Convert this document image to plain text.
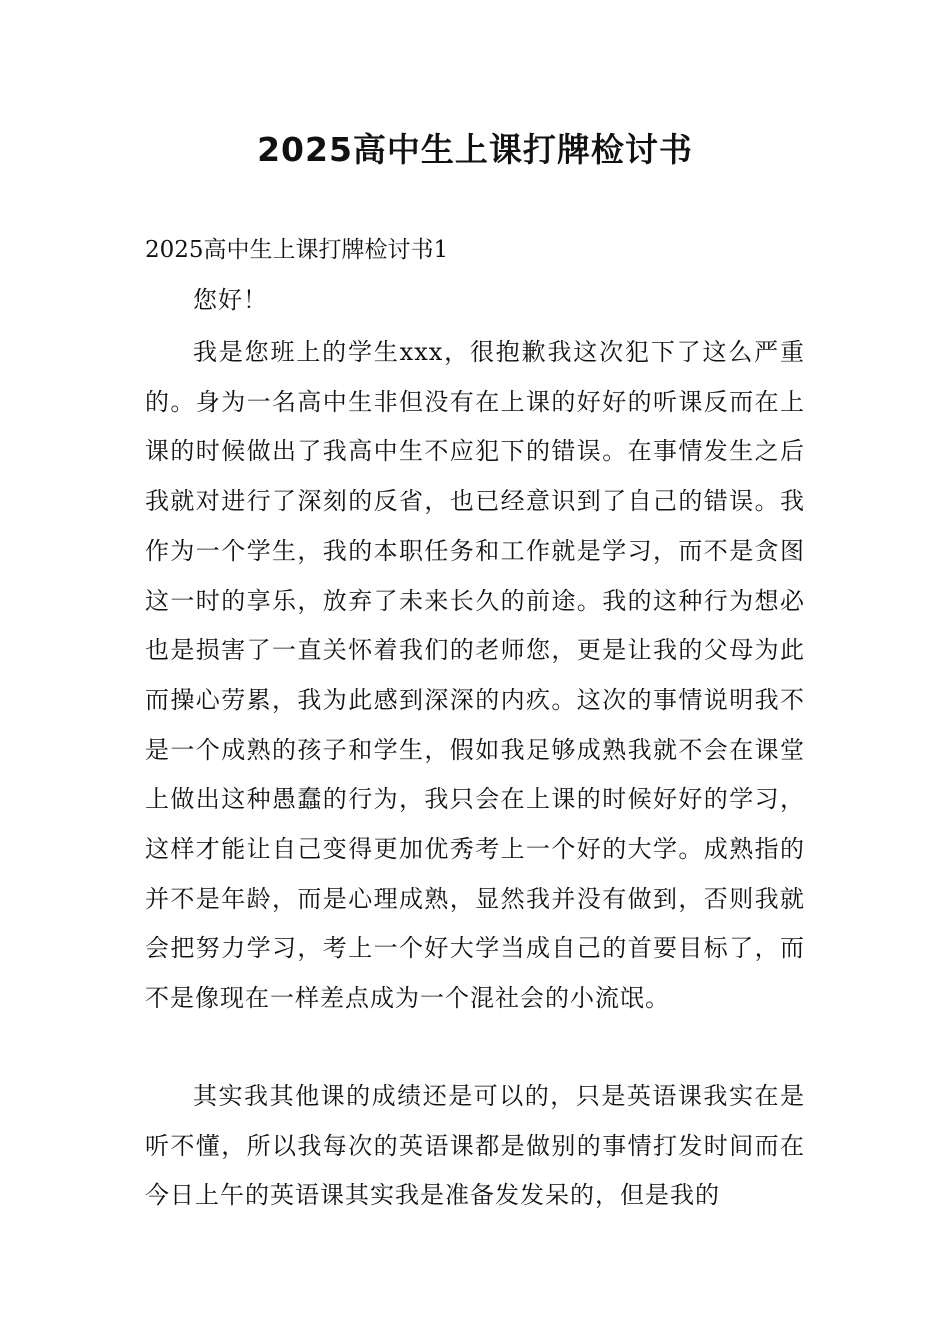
2025高中生上课打牌检讨书
2025高中生上课打牌检讨书1
您好！

我是您班上的学生xxx，很抱歉我这次犯下了这么严重的。身为一名高中生非但没有在上课的好好的听课反而在上课的时候做出了我高中生不应犯下的错误。在事情发生之后我就对进行了深刻的反省，也已经意识到了自己的错误。我作为一个学生，我的本职任务和工作就是学习，而不是贪图这一时的享乐，放弃了未来长久的前途。我的这种行为想必也是损害了一直关怀着我们的老师您，更是让我的父母为此而操心劳累，我为此感到深深的内疚。这次的事情说明我不是一个成熟的孩子和学生，假如我足够成熟我就不会在课堂上做出这种愚蠢的行为，我只会在上课的时候好好的学习，这样才能让自己变得更加优秀考上一个好的大学。成熟指的并不是年龄，而是心理成熟，显然我并没有做到，否则我就会把努力学习，考上一个好大学当成自己的首要目标了，而不是像现在一样差点成为一个混社会的小流氓。

其实我其他课的成绩还是可以的，只是英语课我实在是听不懂，所以我每次的英语课都是做别的事情打发时间而在今日上午的英语课其实我是准备发发呆的，但是我的
